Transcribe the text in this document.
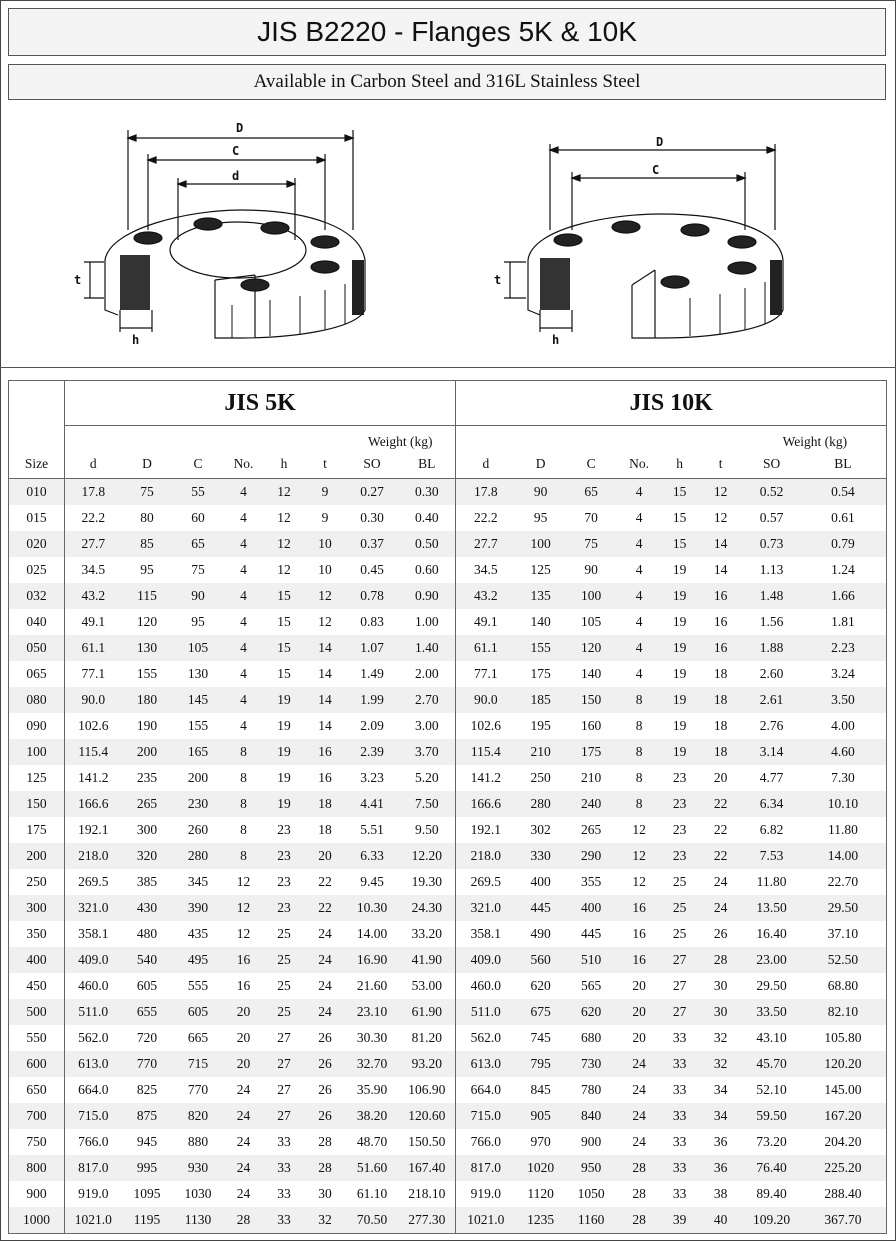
JIS B2220 - Flanges 5K & 10K
Available in Carbon Steel and 316L Stainless Steel
D
C
d
t
h
D
C
t
h
	JIS 5K								JIS 10K							
							Weight (kg)								Weight (kg)	
Size	d	D	C	No.	h	t	SO	BL	d	D	C	No.	h	t	SO	BL
010	17.8	75	55	4	12	9	0.27	0.30	17.8	90	65	4	15	12	0.52	0.54
015	22.2	80	60	4	12	9	0.30	0.40	22.2	95	70	4	15	12	0.57	0.61
020	27.7	85	65	4	12	10	0.37	0.50	27.7	100	75	4	15	14	0.73	0.79
025	34.5	95	75	4	12	10	0.45	0.60	34.5	125	90	4	19	14	1.13	1.24
032	43.2	115	90	4	15	12	0.78	0.90	43.2	135	100	4	19	16	1.48	1.66
040	49.1	120	95	4	15	12	0.83	1.00	49.1	140	105	4	19	16	1.56	1.81
050	61.1	130	105	4	15	14	1.07	1.40	61.1	155	120	4	19	16	1.88	2.23
065	77.1	155	130	4	15	14	1.49	2.00	77.1	175	140	4	19	18	2.60	3.24
080	90.0	180	145	4	19	14	1.99	2.70	90.0	185	150	8	19	18	2.61	3.50
090	102.6	190	155	4	19	14	2.09	3.00	102.6	195	160	8	19	18	2.76	4.00
100	115.4	200	165	8	19	16	2.39	3.70	115.4	210	175	8	19	18	3.14	4.60
125	141.2	235	200	8	19	16	3.23	5.20	141.2	250	210	8	23	20	4.77	7.30
150	166.6	265	230	8	19	18	4.41	7.50	166.6	280	240	8	23	22	6.34	10.10
175	192.1	300	260	8	23	18	5.51	9.50	192.1	302	265	12	23	22	6.82	11.80
200	218.0	320	280	8	23	20	6.33	12.20	218.0	330	290	12	23	22	7.53	14.00
250	269.5	385	345	12	23	22	9.45	19.30	269.5	400	355	12	25	24	11.80	22.70
300	321.0	430	390	12	23	22	10.30	24.30	321.0	445	400	16	25	24	13.50	29.50
350	358.1	480	435	12	25	24	14.00	33.20	358.1	490	445	16	25	26	16.40	37.10
400	409.0	540	495	16	25	24	16.90	41.90	409.0	560	510	16	27	28	23.00	52.50
450	460.0	605	555	16	25	24	21.60	53.00	460.0	620	565	20	27	30	29.50	68.80
500	511.0	655	605	20	25	24	23.10	61.90	511.0	675	620	20	27	30	33.50	82.10
550	562.0	720	665	20	27	26	30.30	81.20	562.0	745	680	20	33	32	43.10	105.80
600	613.0	770	715	20	27	26	32.70	93.20	613.0	795	730	24	33	32	45.70	120.20
650	664.0	825	770	24	27	26	35.90	106.90	664.0	845	780	24	33	34	52.10	145.00
700	715.0	875	820	24	27	26	38.20	120.60	715.0	905	840	24	33	34	59.50	167.20
750	766.0	945	880	24	33	28	48.70	150.50	766.0	970	900	24	33	36	73.20	204.20
800	817.0	995	930	24	33	28	51.60	167.40	817.0	1020	950	28	33	36	76.40	225.20
900	919.0	1095	1030	24	33	30	61.10	218.10	919.0	1120	1050	28	33	38	89.40	288.40
1000	1021.0	1195	1130	28	33	32	70.50	277.30	1021.0	1235	1160	28	39	40	109.20	367.70
